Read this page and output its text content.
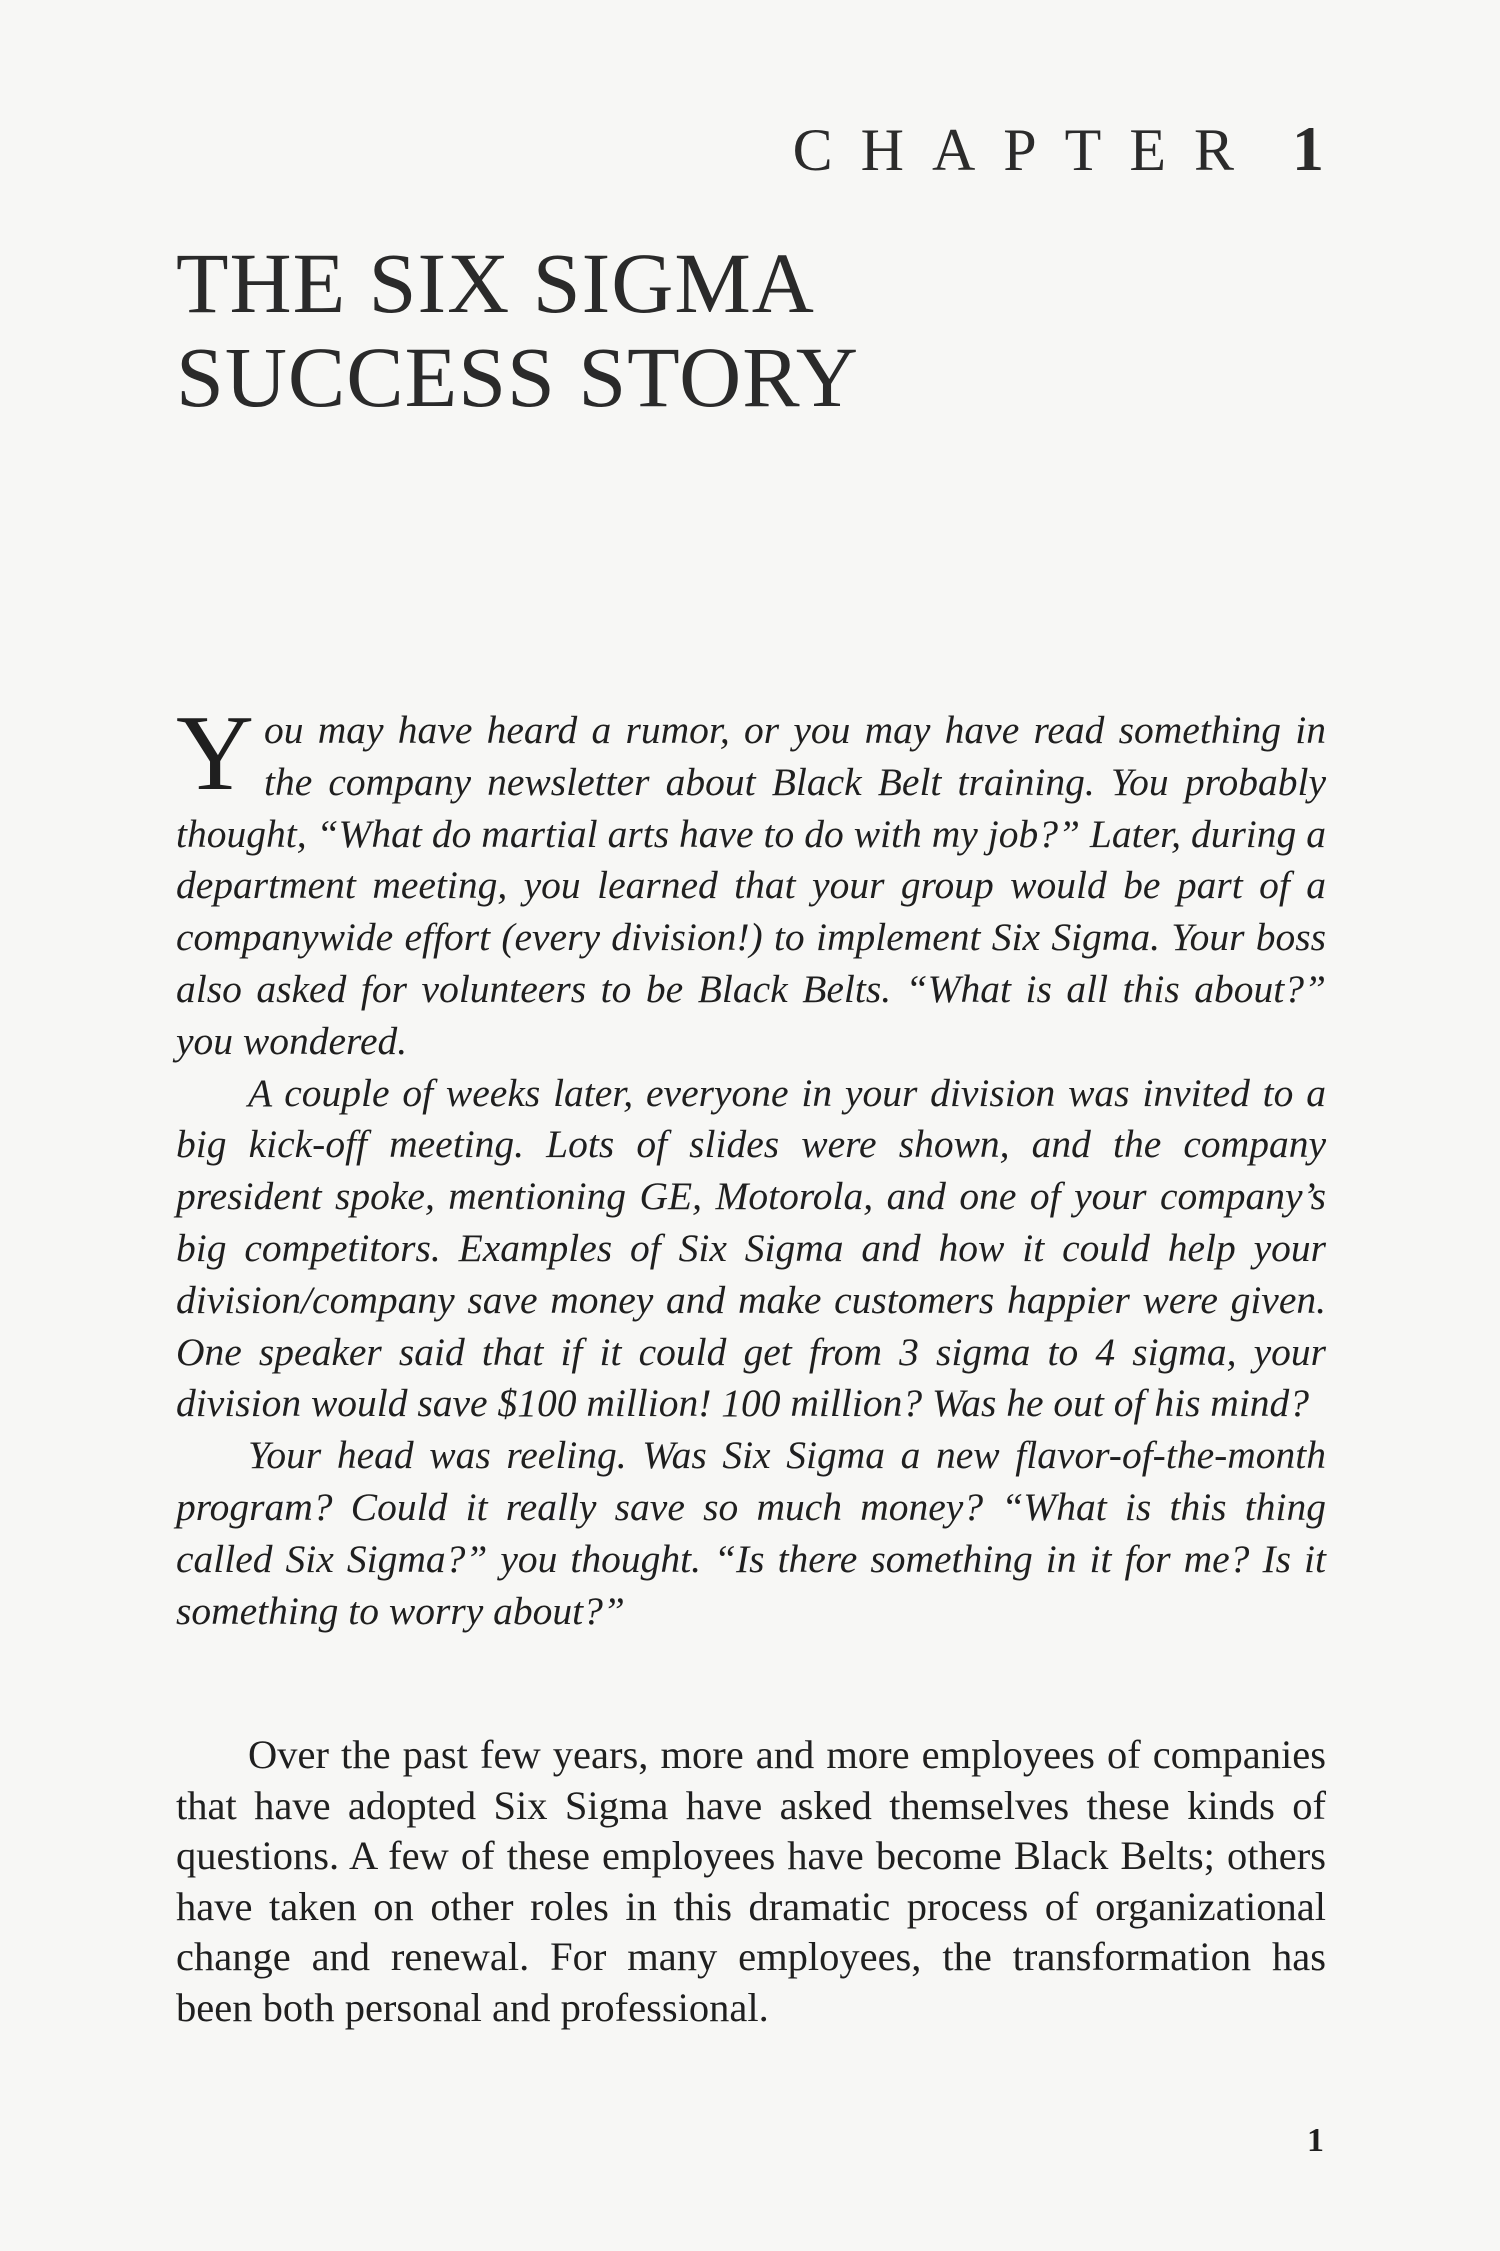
CHAPTER 1
THE SIX SIGMA
SUCCESS STORY

You may have heard a rumor, or you may have read something in the company newsletter about Black Belt training. You probably thought, “What do martial arts have to do with my job?” Later, during a department meeting, you learned that your group would be part of a companywide effort (every division!) to implement Six Sigma. Your boss also asked for volunteers to be Black Belts. “What is all this about?” you wondered.

A couple of weeks later, everyone in your division was invited to a big kick-off meeting. Lots of slides were shown, and the company president spoke, mentioning GE, Motorola, and one of your company’s big competitors. Examples of Six Sigma and how it could help your division/company save money and make customers happier were given. One speaker said that if it could get from 3 sigma to 4 sigma, your division would save $100 million! 100 million? Was he out of his mind?

Your head was reeling. Was Six Sigma a new flavor-of-the-month program? Could it really save so much money? “What is this thing called Six Sigma?” you thought. “Is there something in it for me? Is it something to worry about?”

Over the past few years, more and more employees of companies that have adopted Six Sigma have asked themselves these kinds of questions. A few of these employees have become Black Belts; others have taken on other roles in this dramatic process of organizational change and renewal. For many employees, the transformation has been both personal and professional.

1
